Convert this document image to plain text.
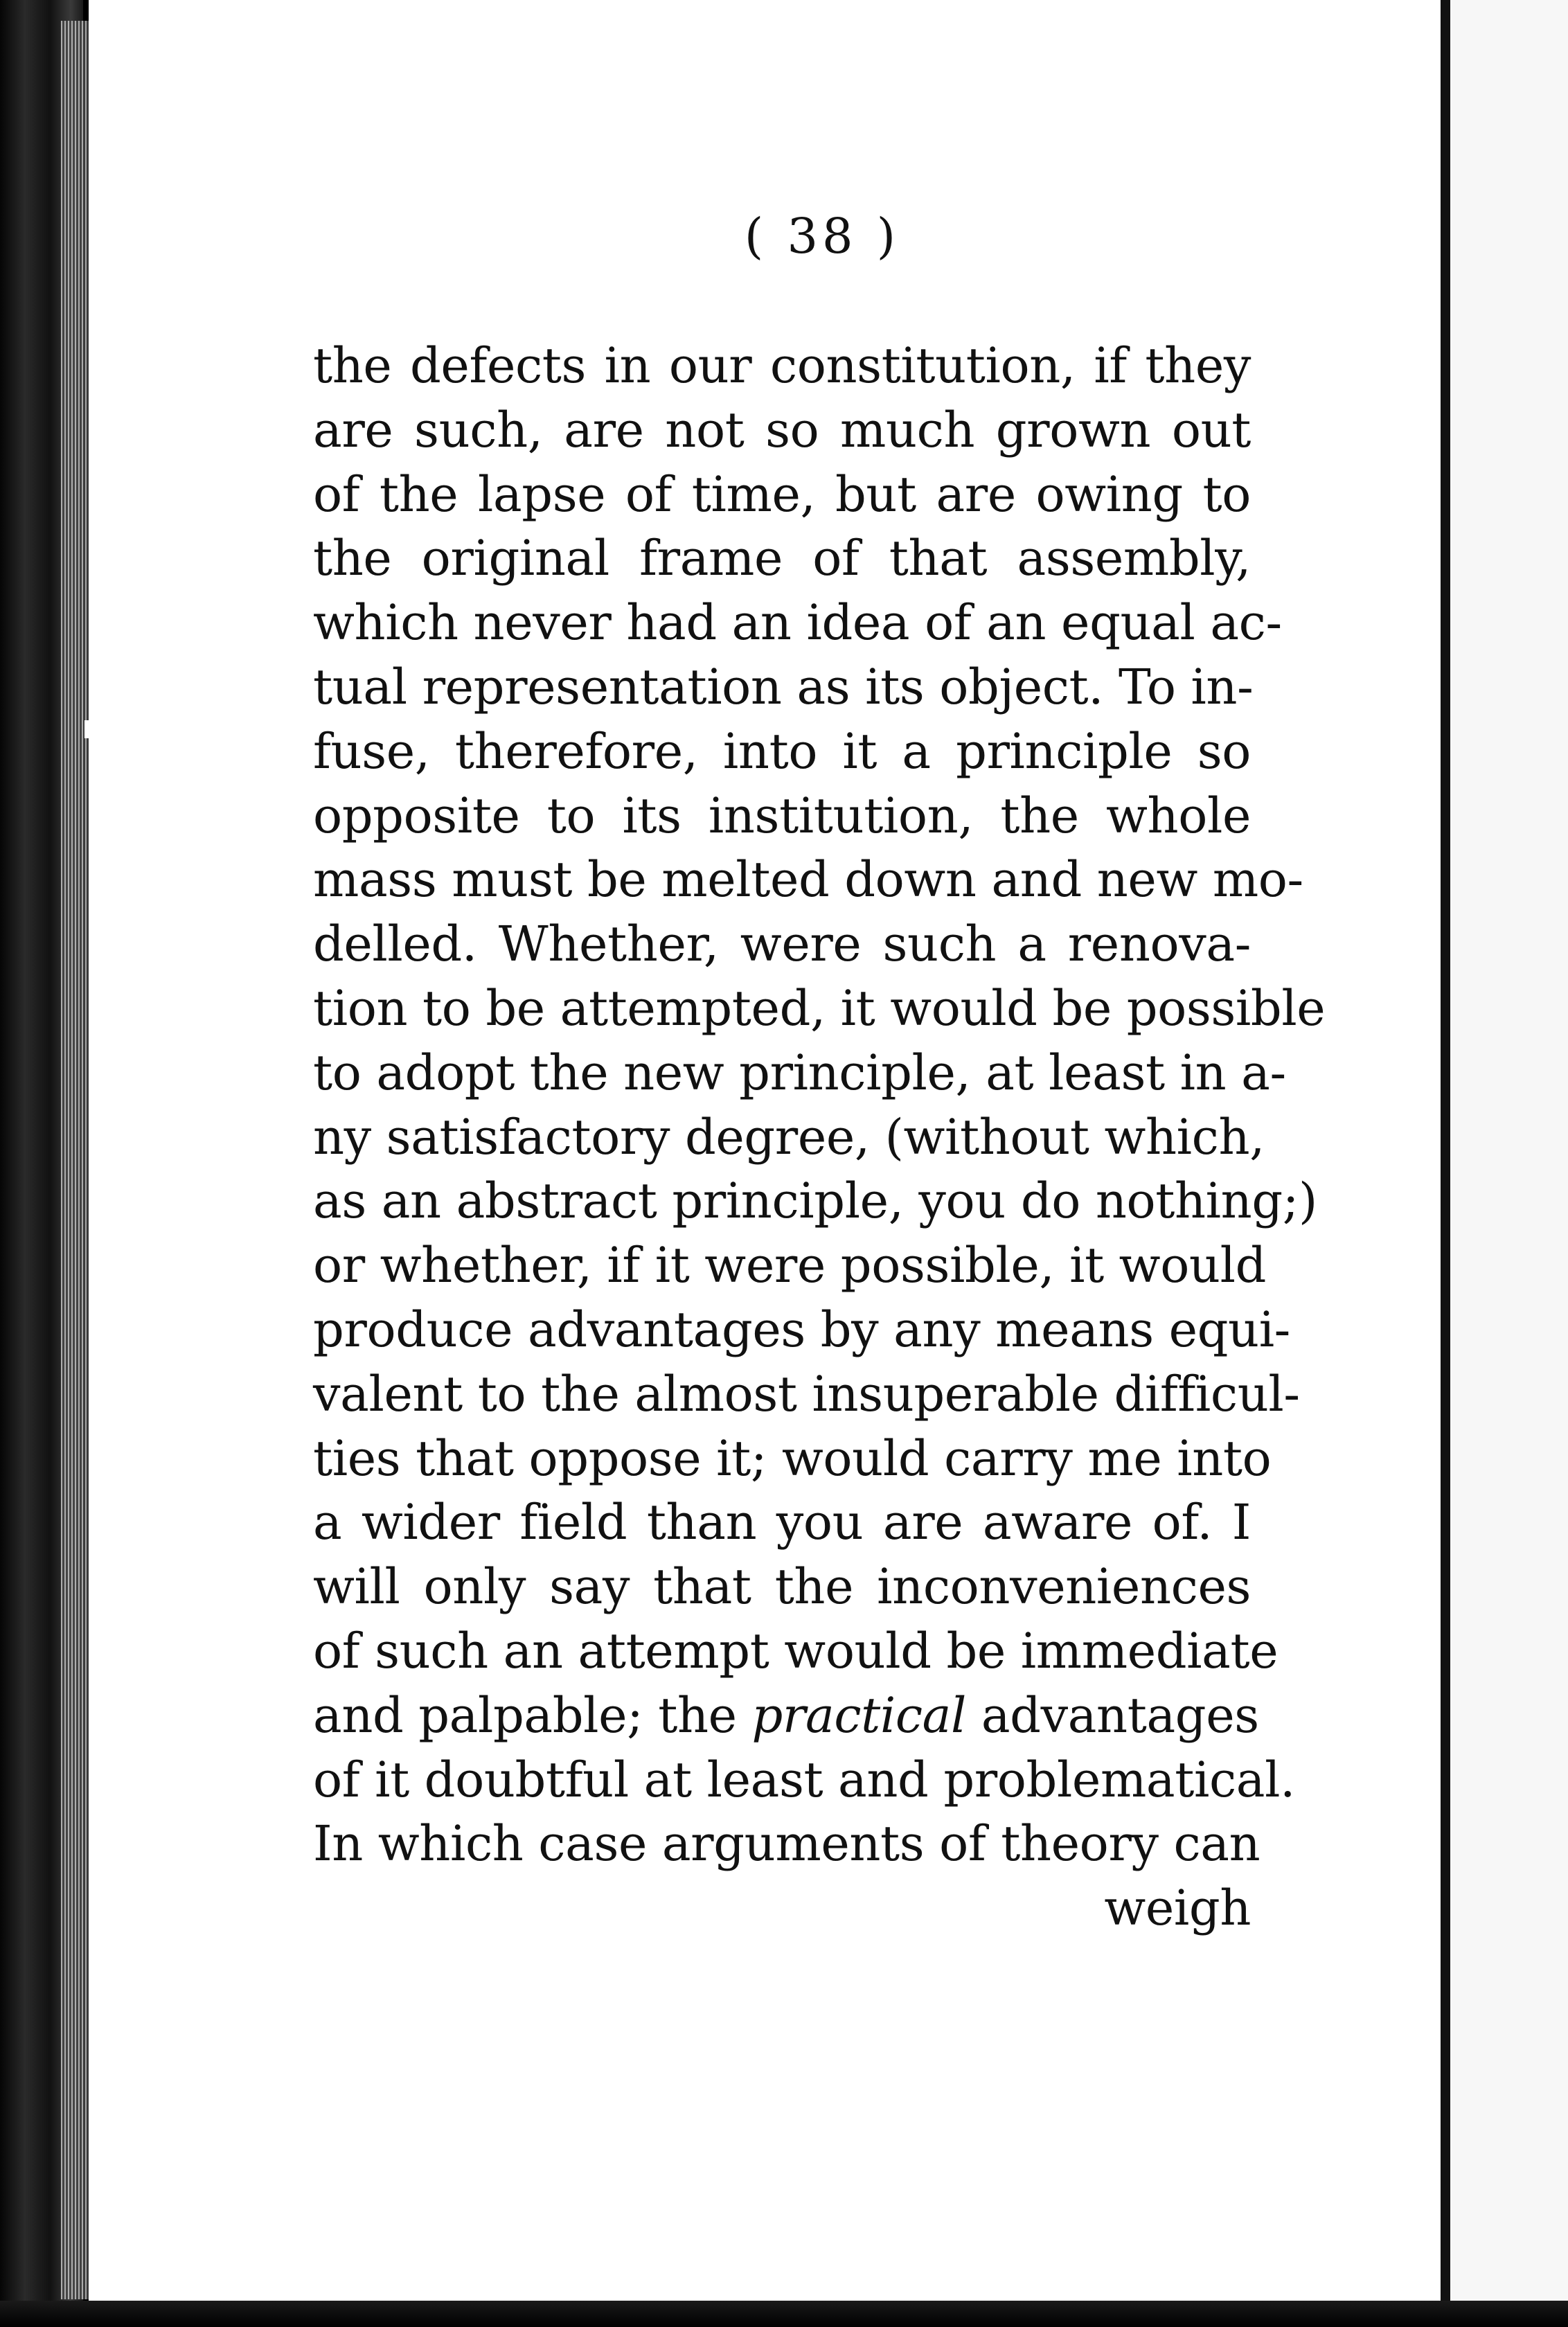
( 38 )
the defects in our constitution, if they
are such, are not so much grown out
of the lapse of time, but are owing to
the original frame of that assembly,
which never had an idea of an equal ac-
tual representation as its object. To in-
fuse, therefore, into it a principle so
opposite to its institution, the whole
mass must be melted down and new mo-
delled. Whether, were such a renova-
tion to be attempted, it would be possible
to adopt the new principle, at least in a-
ny satisfactory degree, (without which,
as an abstract principle, you do nothing;)
or whether, if it were possible, it would
produce advantages by any means equi-
valent to the almost insuperable difficul-
ties that oppose it; would carry me into
a wider field than you are aware of. I
will only say that the inconveniences
of such an attempt would be immediate
and palpable; the practical advantages
of it doubtful at least and problematical.
In which case arguments of theory can
weigh
